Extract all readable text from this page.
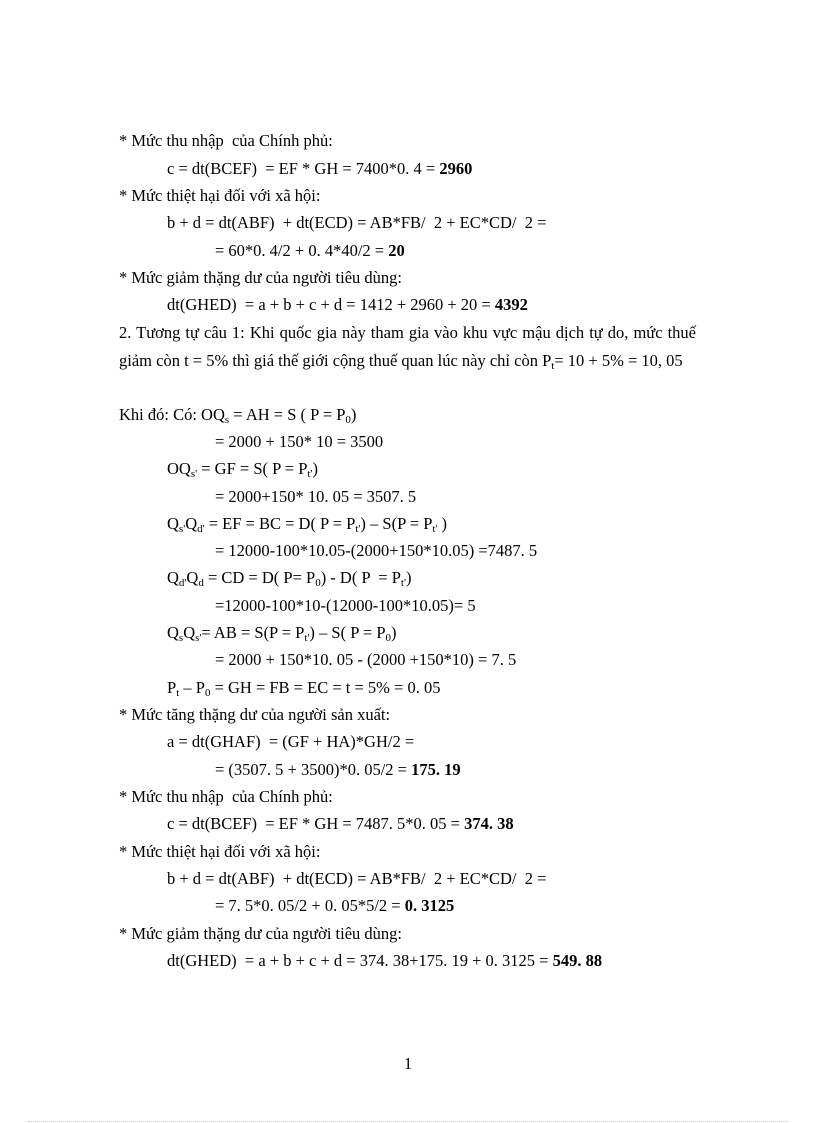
* Mức thu nhập  của Chính phủ:
c = dt(BCEF)  = EF * GH = 7400*0. 4 = 2960
* Mức thiệt hại đối với xã hội:
b + d = dt(ABF)  + dt(ECD) = AB*FB/  2 + EC*CD/  2 =
= 60*0. 4/2 + 0. 4*40/2 = 20
* Mức giảm thặng dư của người tiêu dùng:
dt(GHED)  = a + b + c + d = 1412 + 2960 + 20 = 4392
2. Tương tự câu 1: Khi quốc gia này tham gia vào khu vực mậu dịch tự do, mức thuế giảm còn t = 5% thì giá thế giới cộng thuế quan lúc này chỉ còn $P_t= 10 + 5\% = 10$, 05
Khi đó: Có: $OQ_s$ = AH = S ( $P = P_0$)
= 2000 + 150* 10 = 3500
$OQ_{s'}$ = GF = S( $P = P_{t'}$)
= 2000+150* 10. 05 = 3507. 5
$Q_{s'}Q_{d'}$ = EF = BC = D( $P = P_{t'}) - S(P = P_{t'}$ )
= 12000-100*10.05-(2000+150*10.05) =7487. 5
$Q_{d'}Q_d$ = CD = D( $P= P_0) - D$( $P = P_{t'}$)
=12000-100*10-(12000-100*10.05)= 5
$Q_sQ_{s'}=$ AB = $S(P = P_{t'}) - S$( $P = P_0$)
= 2000 + 150*10. 05 - (2000 +150*10) = 7. 5
$P_t - P_0$ = GH = FB = EC = t = 5% = 0. 05
* Mức tăng thặng dư của người sản xuất:
a = dt(GHAF)  = (GF + HA)*GH/2 =
= (3507. 5 + 3500)*0. 05/2 = 175. 19
* Mức thu nhập  của Chính phủ:
c = dt(BCEF)  = EF * GH = 7487. 5*0. 05 = 374. 38
* Mức thiệt hại đối với xã hội:
b + d = dt(ABF)  + dt(ECD) = AB*FB/  2 + EC*CD/  2 =
= 7. 5*0. 05/2 + 0. 05*5/2 = 0. 3125
* Mức giảm thặng dư của người tiêu dùng:
dt(GHED)  = a + b + c + d = 374. 38+175. 19 + 0. 3125 = 549. 88
1
